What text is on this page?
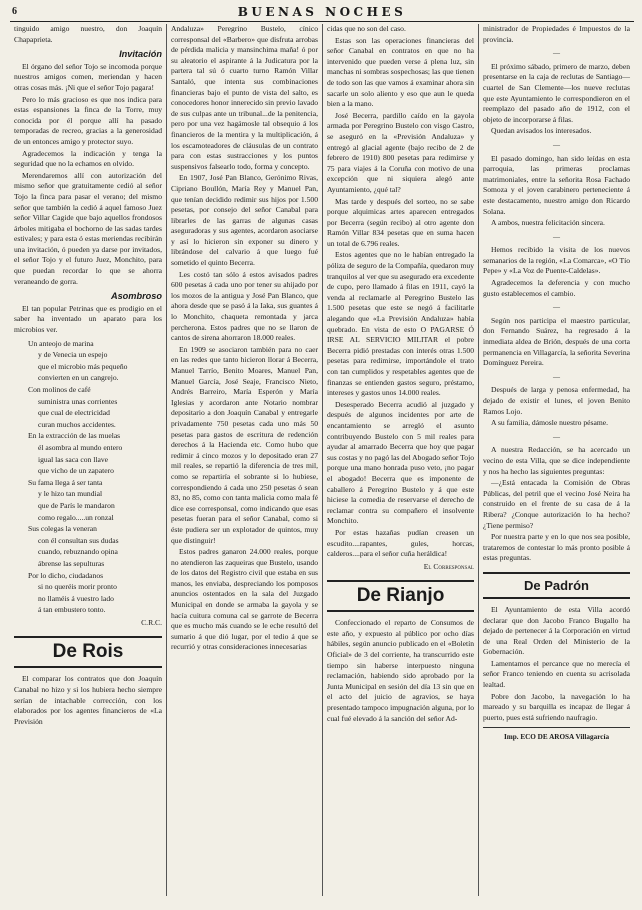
6	BUENAS NOCHES

tinguido amigo nuestro, don Joaquín Chapaprieta.

Invitación

El órgano del señor Tojo se incomoda porque nuestros amigos comen, meriendan y hacen otras cosas más. ¡Ni que el señor Tojo pagara!

Pero lo más gracioso es que nos indica para estas espansiones la finca de la Torre, muy conocida por él porque allí ha pasado temporadas de recreo, gracias a la generosidad de un entonces amigo y protector suyo.

Agradecemos la indicación y tenga la seguridad que no la echamos en olvido.

Merendaremos allí con autorización del mismo señor que gratuitamente cedió al señor Tojo la finca para pasar el verano; del mismo señor que también la cedió á aquel famoso Juez señor Villar Cagide que bajo aquellos frondosos árboles mitigaba el bochorno de las sadas tardes estivales; y para esta ó estas meriendas recibirán una invitación, ó pueden ya darse por invitados, el señor Tojo y el futuro Juez, Monchito, para que puedan recordar lo que se ahorra veraneando de gorra.

Asombroso

El tan popular Petrinas que es prodigio en el saber ha inventado un aparato para los microbios ver.

Un anteojo de marina

y de Venecia un espejo

que el microbio más pequeño

convierten en un cangrejo.

Con molinos de café

suministra unas corrientes

que cual de electricidad

curan muchos accidentes.

En la extracción de las muelas

él asombra al mundo entero

igual las saca con llave

que vicho de un zapatero

Su fama llega á ser tanta

y le hizo tan mundial

que de París le mandaron

como regalo.....un ronzal

Sus colegas la veneran

con él consultan sus dudas

cuando, rebuznando opina

ábrense las sepulturas

Por lo dicho, ciudadanos

si no queréis morir pronto

no llaméis á vuestro lado

á tan embustero tonto.

C.R.C.
De Rois

El comparar los contratos que don Joaquín Canabal no hizo y si los hubiera hecho siempre serían de intachable corrección, con los elaborados por los agentes financieros de «La Previsión

Andaluza» Peregrino Bustelo, cínico corresponsal del «Barbero» que disfruta arrobas de pérdida malicia y mansinchima maña! ó por su aleatorio el aspirante á la Judicatura por la partera tal sú ó cuarto turno Ramón Villar Santaló, que intenta sus combinaciones financieras bajo el punto de vista del salto, es conocedores honor innerecido sin previo lavado de sus culpas ante un tribunal...de la penitencia, pero por una vez hagámosle tal obsequio á los financieros de la mentira y la multiplicación, á los escamoteadores de cláusulas de un contrato para con estas sustracciones y los puntos suspensivos falsearlo todo, forma y concepto.

En 1907, José Pan Blanco, Gerónimo Rivas, Cipriano Boullón, María Rey y Manuel Pan, que tenían decidido redimir sus hijos por 1.500 pesetas, por consejo del señor Canabal para librarles de las garras de algunas casas aseguradoras y sus agentes, acordaron asociarse y así lo hicieron sin exponer su dinero y librándose del calvario á que luego fué sometido el quinto Becerra.

Les costó tan sólo á estos avisados padres 600 pesetas á cada uno por tener su ahijado por los mozos de la antigua y José Pan Blanco, que ahora desde que se pasó á la Iaka, sus guantes á lo Monchito, chaqueta remontada y jarca percherona. Estos padres que no se llaron de cantos de sirena ahorraron 18.000 reales.

En 1909 se asociaron también para no caer en las redes que tanto hicieron llorar á Becerra, Manuel Tarrío, Benito Moares, Manuel Pan, Manuel García, José Seaje, Francisco Nieto, Andrés Barreiro, María Esperón y María Iglesias y acordaron ante Notario nombrar depositario a don Joaquín Canabal y entregarle privadamente 750 pesetas cada uno más 50 pesetas para gastos de escritura de redención derechos á la Hacienda etc. Como hubo que redimir á cinco mozos y lo depositado eran 27 mil reales, se repartió la diferencia de tres mil, como se repartiría el sobrante si lo hubiese, correspondiendo á cada uno 250 pesetas ó sean 83, no 85, como con tanta malicia como mala fé dice ese corresponsal, como indicando que esas pesetas fueran para el señor Canabal, como si éste pudiera ser un explotador de quintos, muy que distinguir!

Estos padres ganaron 24.000 reales, porque no atendieron las zaqueiras que Bustelo, usando de los datos del Registro civil que estaba en sus manos, les enviaba, despreciando los pomposos anuncios ostentados en la sala del Juzgado Municipal en donde se armaba la gayola y se hacía cuitura comuna cal se garrote de Becerra que es mucho más cuando se le eche resultó del sumario á que dió lugar, por el tedio á que se recurrió y otras consideraciones innecesarias

cidas que no son del caso.

Estas son las operaciones financieras del señor Canabal en contratos en que no ha intervenido que pueden verse á plena luz, sin manchas ni sombras sospechosas; las que tienen de todo son las que vamos á examinar ahora sin sacarle un solo aliento y eso que aun le queda bien a la mano.

José Becerra, pardillo caído en la gayola armada por Peregrino Bustelo con visgo Castro, se aseguró en la «Previsión Andaluza» y entregó al glacial agente (bajo recibo de 2 de febrero de 1910) 800 pesetas para redimirse y 75 para viajes á la Coruña con motivo de una excepción que ni siquiera alegó ante Ayuntamiento, ¿qué tal?

Mas tarde y después del sorteo, no se sabe porque alquimicas artes aparecen entregados por Becerra (según recibo) al otro agente don Ramón Villar 834 pesetas que en suma hacen un total de 6.796 reales.

Estos agentes que no le habían entregado la póliza de seguro de la Compañía, quedaron muy tranquilos al ver que su asegurado era excedente de cupo, pero llamado á filas en 1911, cayó la venda al reclamarle al Peregrino Bustelo las 1.500 pesetas que este se negó á facilitarle alegando que «La Previsión Andaluza» había quebrado. En vista de esto O PAGARSE Ó IRSE AL SERVICIO MILITAR el pobre Becerra pidió prestadas con interés otras 1.500 pesetas para redimirse, importándole el trato con tan cumplidos y respetables agentes que de finanzas se entienden gastos seguro, préstamo, intereses y gastos unos 14.000 reales.

Desesperado Becerra acudió al juzgado y después de algunos incidentes por arte de encantamiento se arregló el asunto contribuyendo Bustelo con 5 mil reales para ayudar al amarrado Becerra que hoy que pagar sus costas y no pagó las del Abogado señor Tojo porque una mano honrada puso veto, ¡no pagar el abogado! Becerra que es imponente de caballero á Peregrino Bustelo y á que este hiciese la comedia de reservarse el derecho de reclamar contra su compañero el insolvente Monchito.

Por estas hazañas pudían creasen un escudito....rapantes, gules, horcas, calderos....para el señor cuña heráldica!

El Corresponsal
De Rianjo

Confeccionado el reparto de Consumos de este año, y expuesto al público por ocho días hábiles, según anuncio publicado en el «Boletín Oficial» de 3 del corriente, ha transcurrido este tiempo sin haberse interpuesto ninguna reclamación, habiendo sido aprobado por la Junta Municipal en sesión del día 13 sin que en el acto del juicio de agravios, se haya presentado tampoco impugnación alguna, por lo cual fué elevado á la sanción del señor Ad-

ministrador de Propiedades é Impuestos de la provincia.

—

El próximo sábado, primero de marzo, deben presentarse en la caja de reclutas de Santiago—cuartel de San Clemente—los nueve reclutas que este Ayuntamiento le correspondieron en el reemplazo del pasado año de 1912, con el objeto de incorporarse á filas.

Quedan avisados los interesados.

—

El pasado domingo, han sido leídas en esta parroquia, las primeras proclamas matrimoniales, entre la señorita Rosa Fachado Somoza y el joven carabinero perteneciente á este destacamento, nuestro amigo don Ricardo Solana.

A ambos, nuestra felicitación sincera.

—

Hemos recibido la visita de los nuevos semanarios de la región, «La Comarca», «O Tío Pepe» y «La Voz de Puente-Caldelas».

Agradecemos la deferencia y con mucho gusto establecemos el cambio.

—

Según nos participa el maestro particular, don Fernando Suárez, ha regresado á la inmediata aldea de Brión, después de una corta permanencia en Villagarcía, la señorita Severina Domínguez Pereira.

—

Después de larga y penosa enfermedad, ha dejado de existir el lunes, el joven Benito Ramos Lojo.

A su familia, dámosle nuestro pésame.

—

A nuestra Redacción, se ha acercado un vecino de esta Villa, que se dice independiente y nos ha hecho las siguientes preguntas:

—¿Está entacada la Comisión de Obras Públicas, del petril que el vecino José Neira ha construido en el frente de su casa de á la Ribera? ¿Conque autorización lo ha hecho? ¿Tiene permiso?

Por nuestra parte y en lo que nos sea posible, trataremos de contestar lo más pronto posible á estas preguntas.

De Padrón

El Ayuntamiento de esta Villa acordó declarar que don Jacobo Franco Bugallo ha dejado de pertenecer á la Corporación en virtud de una Real Orden del Ministerio de la Gobernación.

Lamentamos el percance que no merecía el señor Franco teniendo en cuenta su acrisolada lealtad.

Pobre don Jacobo, la navegación lo ha mareado y su barquilla es incapaz de llegar á puerto, pues está sufriendo naufragio.

Imp. ECO DE AROSA Villagarcía
